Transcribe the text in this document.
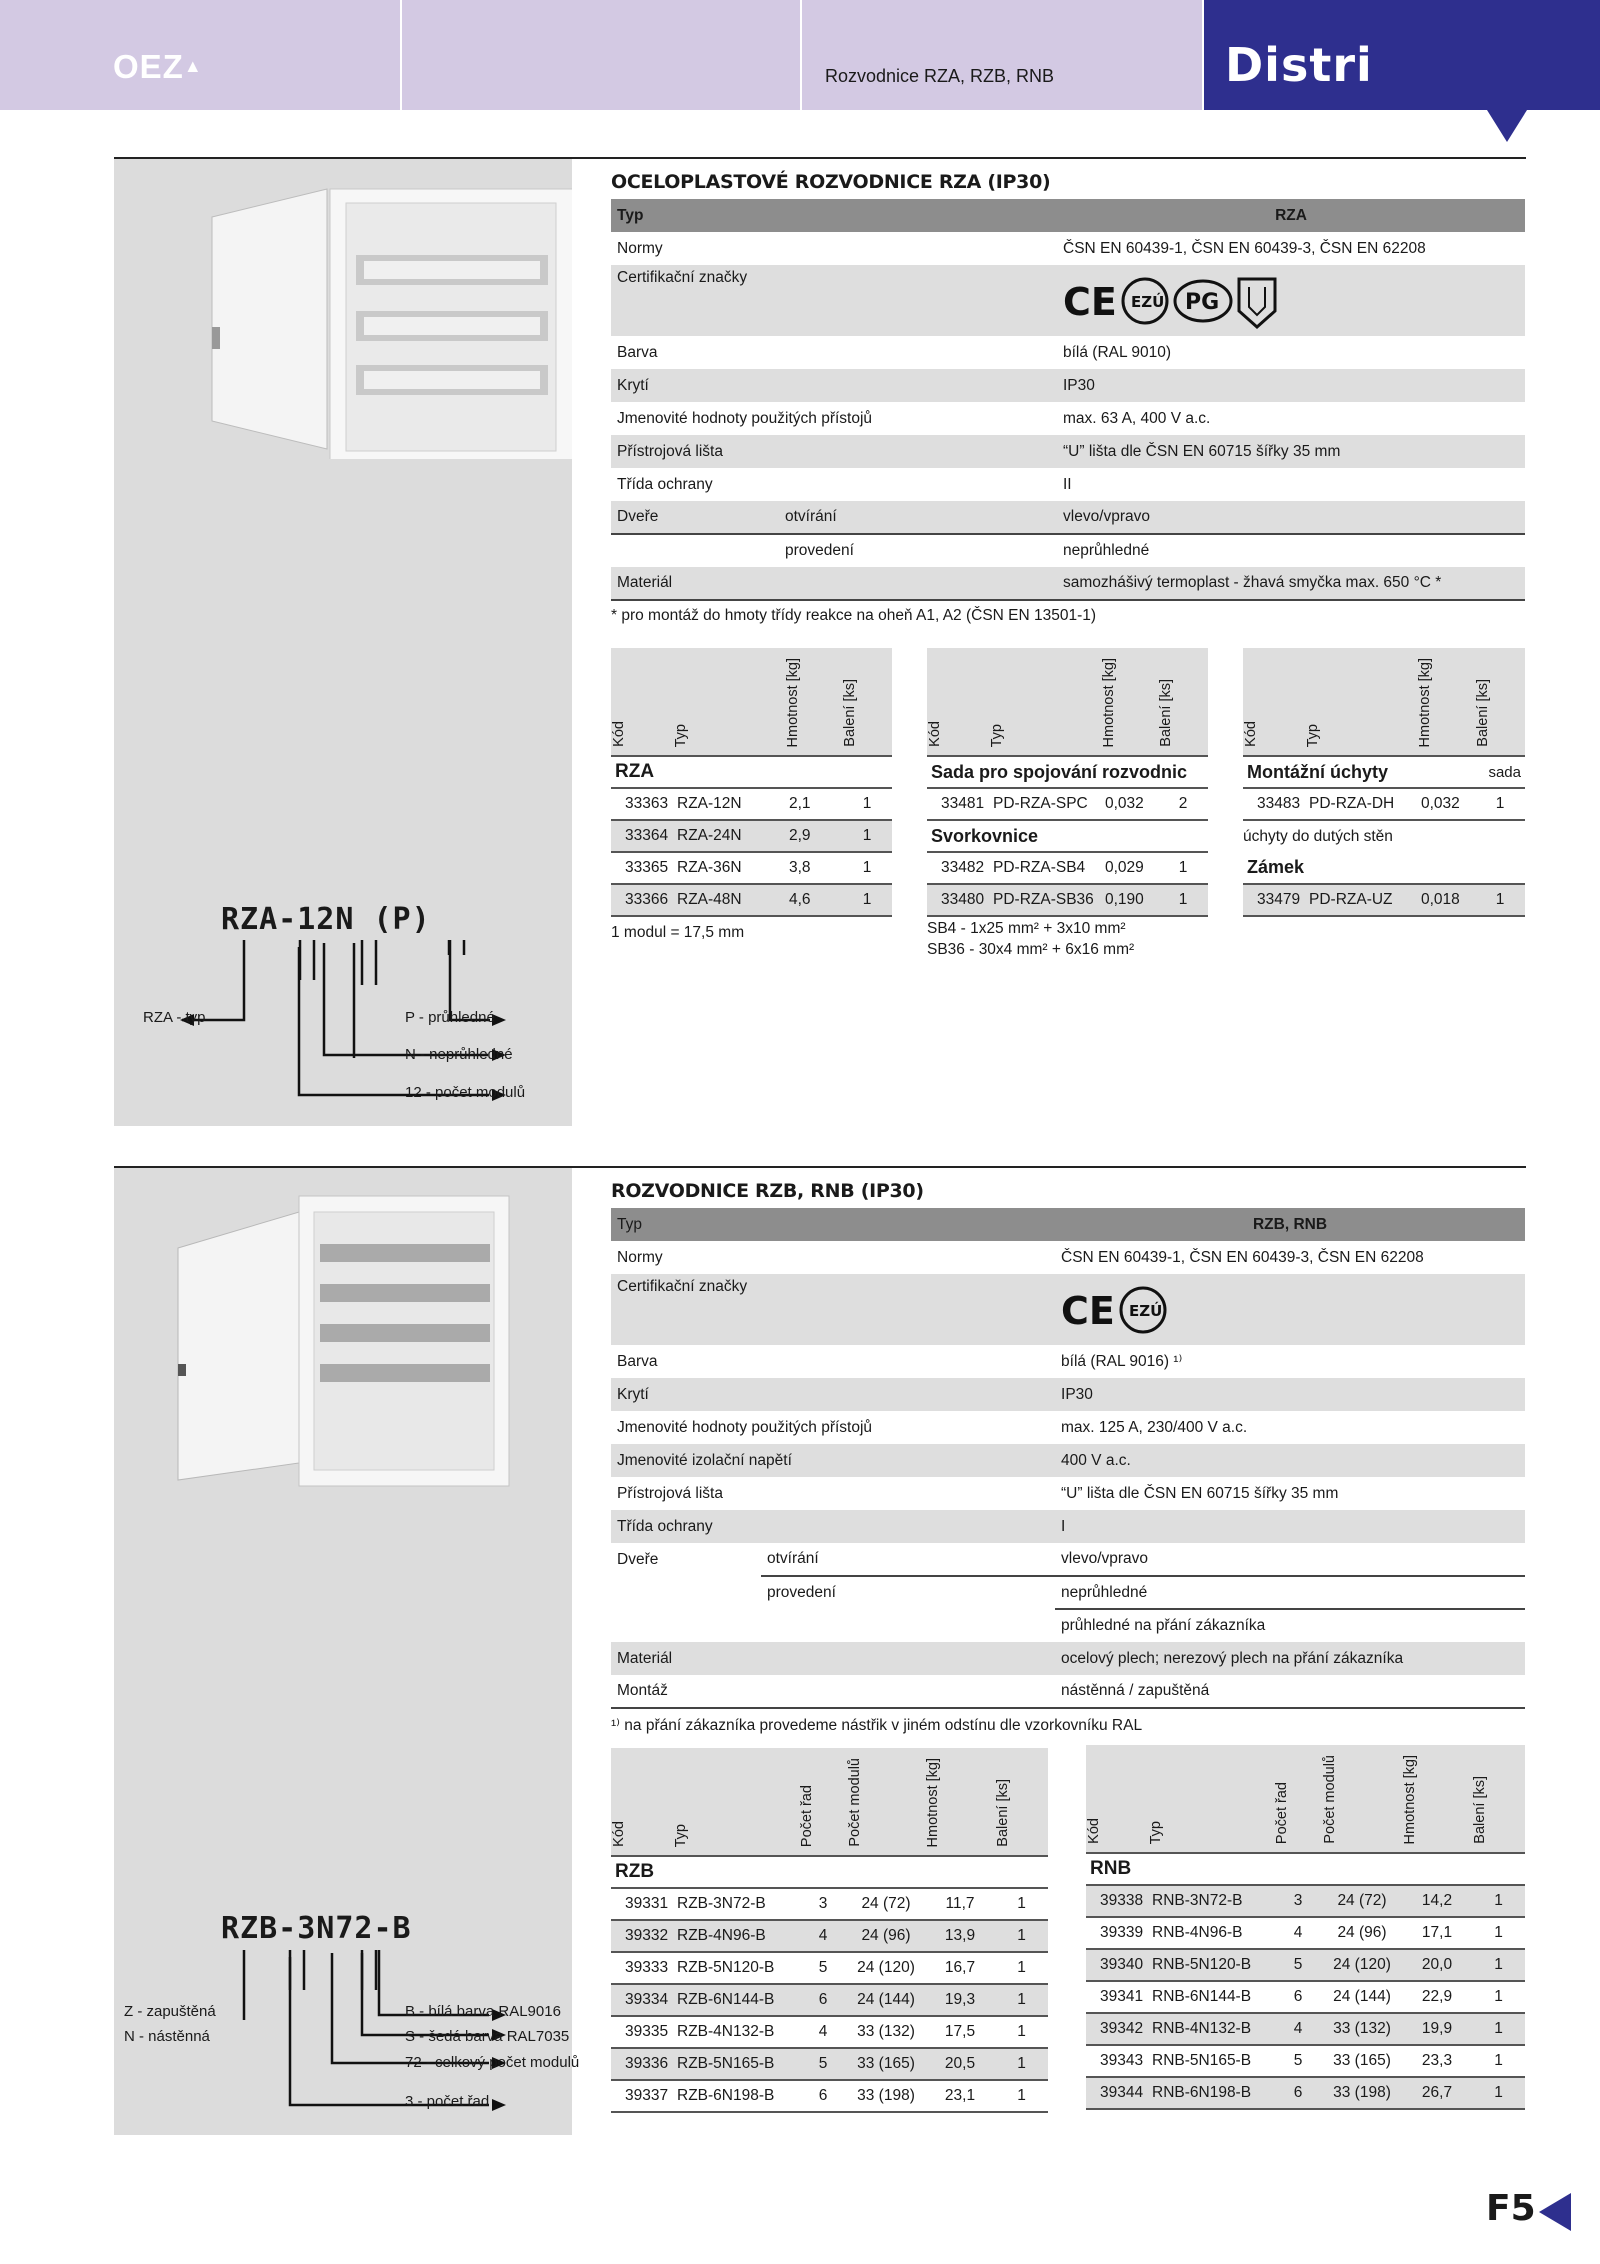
OEZ▲	Rozvodnice RZA, RZB, RNB	Distri
OCELOPLASTOVÉ ROZVODNICE RZA (IP30)
Typ		RZA
Normy		ČSN EN 60439-1, ČSN EN 60439-3, ČSN EN 62208
Certifikační značky		CE EZÚ PG

Barva		bílá (RAL 9010)
Krytí		IP30
Jmenovité hodnoty použitých přístojů		max. 63 A, 400 V a.c.
Přístrojová lišta		“U” lišta dle ČSN EN 60715 šířky 35 mm
Třída ochrany		II
Dveře	otvírání	vlevo/vpravo
	provedení	neprůhledné
Materiál		samozhášivý termoplast - žhavá smyčka max. 650 °C *
* pro montáž do hmoty třídy reakce na oheň A1, A2 (ČSN EN 13501-1)
Kód	Typ	Hmotnost [kg]	Balení [ks]

RZA			
33363	RZA-12N	2,1	1
33364	RZA-24N	2,9	1
33365	RZA-36N	3,8	1
33366	RZA-48N	4,6	1
1 modul = 17,5 mm			
Kód	Typ	Hmotnost [kg]	Balení [ks]

Sada pro spojování rozvodnic			
33481	PD-RZA-SPC	0,032	2
Svorkovnice			
33482	PD-RZA-SB4	0,029	1
33480	PD-RZA-SB36	0,190	1
SB4 - 1x25 mm² + 3x10 mm²			
SB36 - 30x4 mm² + 6x16 mm²			
Kód	Typ	Hmotnost [kg]	Balení [ks]

Montážní úchyty			sada
33483	PD-RZA-DH	0,032	1
úchyty do dutých stěn			
Zámek			
33479	PD-RZA-UZ	0,018	1
RZA-12N (P)
RZA - typ	P - průhledné
N - neprůhledné
12 - počet modulů
ROZVODNICE RZB, RNB (IP30)
Typ		RZB, RNB
Normy		ČSN EN 60439-1, ČSN EN 60439-3, ČSN EN 62208
Certifikační značky		CE EZÚ

Barva		bílá (RAL 9016) ¹⁾
Krytí		IP30
Jmenovité hodnoty použitých přístojů		max. 125 A, 230/400 V a.c.
Jmenovité izolační napětí		400 V a.c.
Přístrojová lišta		“U” lišta dle ČSN EN 60715 šířky 35 mm
Třída ochrany		I
Dveře	otvírání	vlevo/vpravo
	provedení	neprůhledné
		průhledné na přání zákazníka
Materiál		ocelový plech; nerezový plech na přání zákazníka
Montáž		nástěnná / zapuštěná
¹⁾ na přání zákazníka provedeme nástřik v jiném odstínu dle vzorkovníku RAL
Kód	Typ	Počet řad	Počet modulů	Hmotnost [kg]	Balení [ks]

RZB					
39331	RZB-3N72-B	3	24 (72)	11,7	1
39332	RZB-4N96-B	4	24 (96)	13,9	1
39333	RZB-5N120-B	5	24 (120)	16,7	1
39334	RZB-6N144-B	6	24 (144)	19,3	1
39335	RZB-4N132-B	4	33 (132)	17,5	1
39336	RZB-5N165-B	5	33 (165)	20,5	1
39337	RZB-6N198-B	6	33 (198)	23,1	1
Kód	Typ	Počet řad	Počet modulů	Hmotnost [kg]	Balení [ks]

RNB					
39338	RNB-3N72-B	3	24 (72)	14,2	1
39339	RNB-4N96-B	4	24 (96)	17,1	1
39340	RNB-5N120-B	5	24 (120)	20,0	1
39341	RNB-6N144-B	6	24 (144)	22,9	1
39342	RNB-4N132-B	4	33 (132)	19,9	1
39343	RNB-5N165-B	5	33 (165)	23,3	1
39344	RNB-6N198-B	6	33 (198)	26,7	1
RZB-3N72-B
Z - zapuštěná
N - nástěnná
B - bílá barva RAL9016
S - šedá barva RAL7035
72 - celkový počet modulů
3 - počet řad
F5
